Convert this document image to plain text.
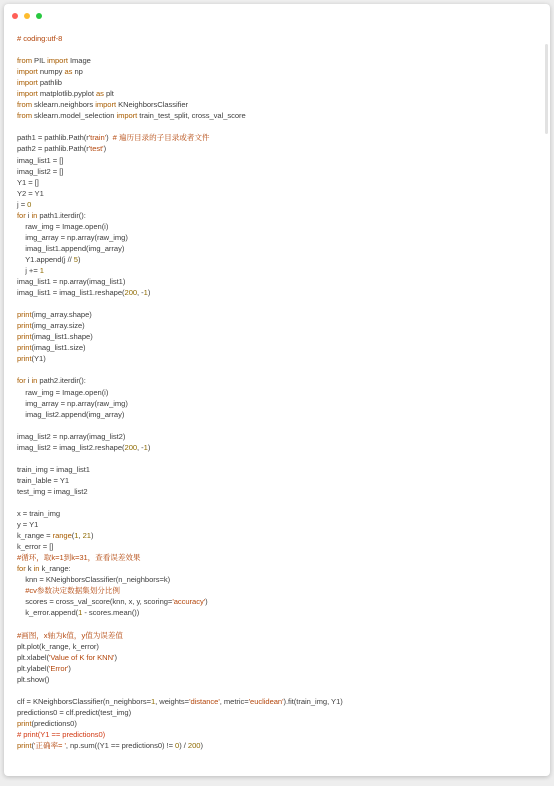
# coding:utf-8

from PIL import Image
import numpy as np
import pathlib
import matplotlib.pyplot as plt
from sklearn.neighbors import KNeighborsClassifier
from sklearn.model_selection import train_test_split, cross_val_score

path1 = pathlib.Path(r'train')  # 遍历目录的子目录或者文件
path2 = pathlib.Path(r'test')
imag_list1 = []
imag_list2 = []
Y1 = []
Y2 = Y1
j = 0
for i in path1.iterdir():
raw_img = Image.open(i)
img_array = np.array(raw_img)
imag_list1.append(img_array)
Y1.append(j // 5)
j += 1
imag_list1 = np.array(imag_list1)
imag_list1 = imag_list1.reshape(200, -1)

print(img_array.shape)
print(img_array.size)
print(imag_list1.shape)
print(imag_list1.size)
print(Y1)

for i in path2.iterdir():
raw_img = Image.open(i)
img_array = np.array(raw_img)
imag_list2.append(img_array)

imag_list2 = np.array(imag_list2)
imag_list2 = imag_list2.reshape(200, -1)

train_img = imag_list1
train_lable = Y1
test_img = imag_list2

x = train_img
y = Y1
k_range = range(1, 21)
k_error = []
#循环，取k=1到k=31，查看误差效果
for k in k_range:
knn = KNeighborsClassifier(n_neighbors=k)
#cv参数决定数据集划分比例
scores = cross_val_score(knn, x, y, scoring='accuracy')
k_error.append(1 - scores.mean())

#画图，x轴为k值，y值为误差值
plt.plot(k_range, k_error)
plt.xlabel('Value of K for KNN')
plt.ylabel('Error')
plt.show()

clf = KNeighborsClassifier(n_neighbors=1, weights='distance', metric='euclidean').fit(train_img, Y1)
predictions0 = clf.predict(test_img)
print(predictions0)
# print(Y1 == predictions0)
print('正确率= ', np.sum((Y1 == predictions0) != 0) / 200)
